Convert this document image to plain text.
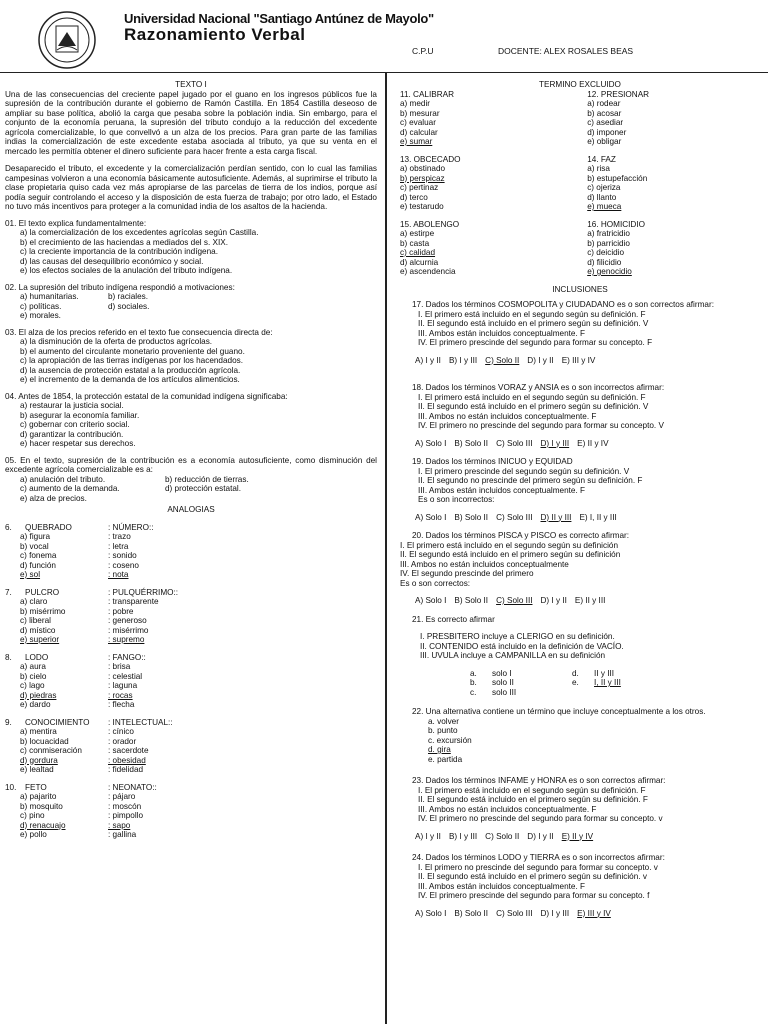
Universidad Nacional "Santiago Antúnez de Mayolo"
Razonamiento Verbal
C.P.U	DOCENTE: ALEX ROSALES BEAS

TEXTO I

Una de las consecuencias del creciente papel jugado por el guano en los ingresos públicos fue la supresión de la contribución durante el gobierno de Ramón Castilla. En 1854 Castilla deseoso de ampliar su base política, abolió la carga que pesaba sobre la población india. Sin embargo, para el conjunto de la economía peruana, la supresión del tributo condujo a la reducción del excedente agrícola comercializable, lo que convellvó a un alza de los precios. Para gran parte de las familias indias la comercialización de este excedente estaba asociada al tributo, ya que su venta en el mercado les permitía obtener el dinero suficiente para hacer frente a esta carga fiscal.

Desaparecido el tributo, el excedente y la comercialización perdían sentido, con lo cual las familias campesinas volvieron a una economía básicamente autosuficiente. Además, al suprimirse el tributo la clase propietaria quiso cada vez más apropiarse de las parcelas de tierra de los indios, porque así podía seguir controlando el acceso y la disposición de esta fuerza de trabajo; por otro lado, el Estado no tuvo más incentivos para proteger a la comunidad india de los asaltos de la hacienda.

01. El texto explica fundamentalmente:

a) la comercialización de los excedentes agrícolas según Castilla.

b) el crecimiento de las haciendas a mediados del s. XIX.

c) la creciente importancia de la contribución indígena.

d) las causas del desequilibrio económico y social.

e) los efectos sociales de la anulación del tributo indígena.

02. La supresión del tributo indígena respondió a motivaciones:

a) humanitarias.	b) raciales.
c) políticas.	d) sociales.

e) morales.

03. El alza de los precios referido en el texto fue consecuencia directa de:

a) la disminución de la oferta de productos agrícolas.

b) el aumento del circulante monetario proveniente del guano.

c) la apropiación de las tierras indígenas por los hacendados.

d) la ausencia de protección estatal a la producción agrícola.

e) el incremento de la demanda de los artículos alimenticios.

04. Antes de 1854, la protección estatal de la comunidad indígena significaba:

a) restaurar la justicia social.

b) asegurar la economía familiar.

c) gobernar con criterio social.

d) garantizar la contribución.

e) hacer respetar sus derechos.

05. En el texto, supresión de la contribución es a economía autosuficiente, como disminución del excedente agrícola comercializable es a:

a) anulación del tributo.	b) reducción de tierras.
c) aumento de la demanda.	d) protección estatal.

e) alza de precios.

ANALOGIAS

6.	QUEBRADO	: NÚMERO::
a) figura	: trazo
b) vocal	: letra
c) fonema	: sonido
d) función	: coseno
e) sol	: nota
7.	PULCRO	: PULQUÉRRIMO::
a) claro	: transparente
b) misérrimo	: pobre
c) liberal	: generoso
d) místico	: misérrimo
e) superior	: supremo
8.	LODO	: FANGO::
a) aura	: brisa
b) cielo	: celestial
c) lago	: laguna
d) piedras	: rocas
e) dardo	: flecha
9.	CONOCIMIENTO	: INTELECTUAL::
a) mentira	: cínico
b) locuacidad	: orador
c) conmiseración	: sacerdote
d) gordura	: obesidad
e) lealtad	: fidelidad
10.	FETO	: NEONATO::
a) pajarito	: pájaro
b) mosquito	: moscón
c) pino	: pimpollo
d) renacuajo	: sapo
e) pollo	: gallina

TERMINO EXCLUIDO

11. CALIBRAR

a) medir

b) mesurar

c) evaluar

d) calcular

e) sumar

12. PRESIONAR

a) rodear

b) acosar

c) asediar

d) imponer

e) obligar

13. OBCECADO

a) obstinado

b) perspicaz

c) pertinaz

d) terco

e) testarudo

14. FAZ

a) risa

b) estupefacción

c) ojeriza

d) llanto

e) mueca

15. ABOLENGO

a) estirpe

b) casta

c) calidad

d) alcurnia

e) ascendencia

16. HOMICIDIO

a) fratricidio

b) parricidio

c) deicidio

d) filicidio

e) genocidio

INCLUSIONES

17. Dados los términos COSMOPOLITA y CIUDADANO es o son correctos afirmar:

I. El primero está incluido en el segundo según su definición. F

II. El segundo está incluido en el primero según su definición. V

III. Ambos están incluidos conceptualmente. F

IV. El primero prescinde del segundo para formar su concepto. F

A) I y II B) I y III C) Solo II D) I y II E) III y IV

18. Dados los términos VORAZ y ANSIA es o son incorrectos afirmar:

I. El primero está incluido en el segundo según su definición. F

II. El segundo está incluido en el primero según su definición. V

III. Ambos no están incluidos conceptualmente. F

IV. El primero no prescinde del segundo para formar su concepto. V

A) Solo I B) Solo II C) Solo III D) I y III E) II y IV

19. Dados los términos INICUO y EQUIDAD

I. El primero prescinde del segundo según su definición. V

II. El segundo no prescinde del primero según su definición. F

III. Ambos están incluidos conceptualmente. F

Es o son incorrectos:

A) Solo I B) Solo II C) Solo III D) II y III E) I, II y III

20. Dados los términos PISCA y PISCO es correcto afirmar:

I. El primero está incluido en el segundo según su definición

II. El segundo está incluido en el primero según su definición

III. Ambos no están incluidos conceptualmente

IV. El segundo prescinde del primero

Es o son correctos:

A) Solo I B) Solo II C) Solo III D) I y II E) II y III

21. Es correcto afirmar

I. PRESBITERO incluye a CLERIGO en su definición.

II. CONTENIDO está incluido en la definición de VACÍO.

III. UVULA incluye a CAMPANILLA en su definición

a.	solo I	d.	II y III
b.	solo II	e.	I, II y III
c.	solo III

22. Una alternativa contiene un término que incluye conceptualmente a los otros.

a. volver

b. punto

c. excursión

d. gira

e. partida

23. Dados los términos INFAME y HONRA es o son correctos afirmar:

I. El primero está incluido en el segundo según su definición. F

II. El segundo está incluido en el primero según su definición. F

III. Ambos no están incluidos conceptualmente. F

IV. El primero no prescinde del segundo para formar su concepto. v

A) I y II B) I y III C) Solo II D) I y II E) II y IV

24. Dados los términos LODO y TIERRA es o son incorrectos afirmar:

I. El primero no prescinde del segundo para formar su concepto. v

II. El segundo está incluido en el primero según su definición. v

III. Ambos están incluidos conceptualmente. F

IV. El primero prescinde del segundo para formar su concepto. f

A) Solo I B) Solo II C) Solo III D) I y III E) III y IV
